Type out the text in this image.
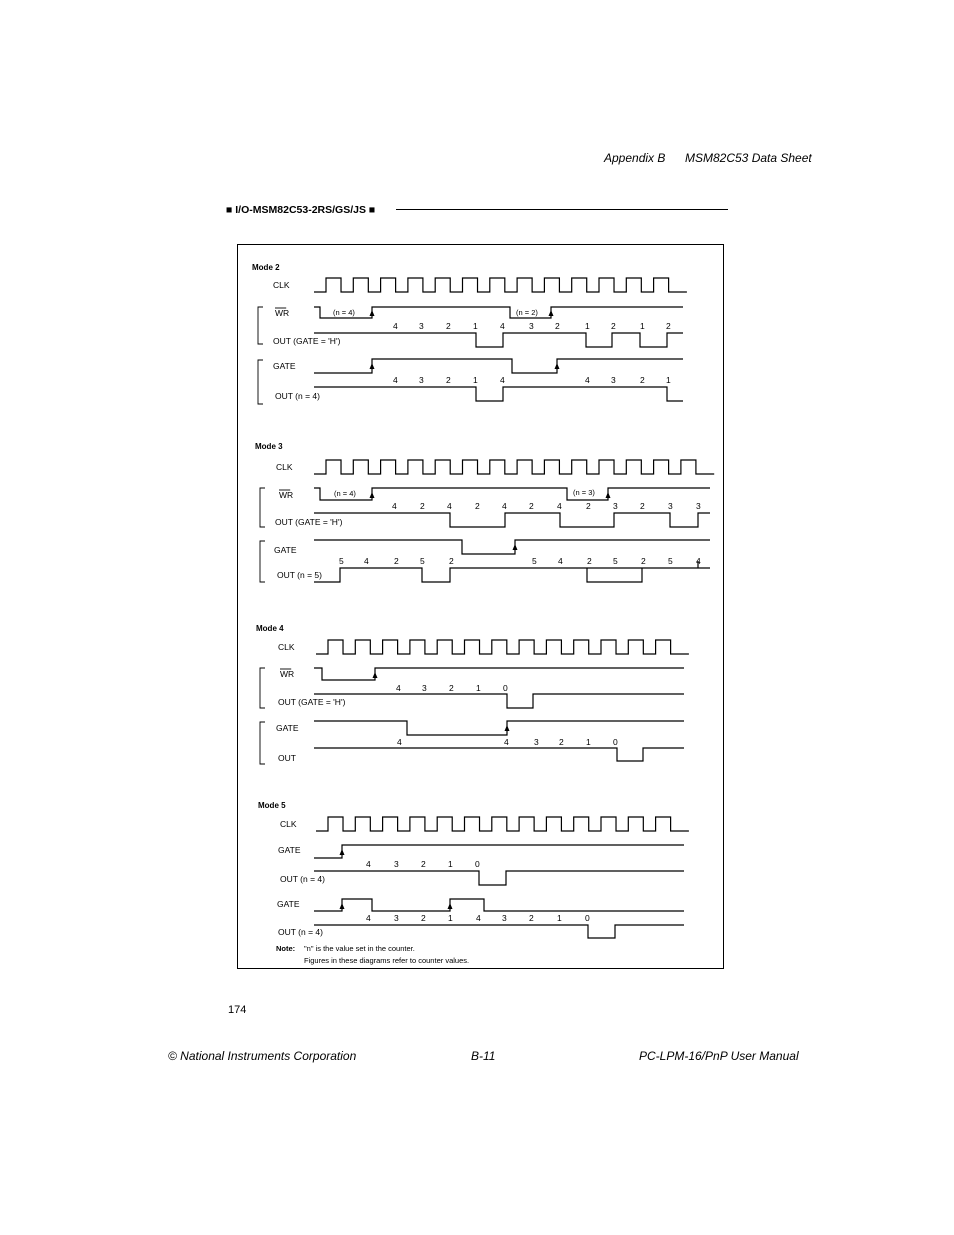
Appendix B MSM82C53 Data Sheet
■ I/O-MSM82C53-2RS/GS/JS ■
Mode 2
CLK
WR	(n = 4)	(n = 2)
4	3	2	1	4	3	2	1	2	1	2
OUT (GATE = 'H')
GATE
4	3	2	1	4	4	3	2	1
OUT (n = 4)
Mode 3
CLK
WR	(n = 4)	(n = 3)
4	2	4	2	4	2	4	2	3	2	3	3
OUT (GATE = 'H')
GATE
5 4	2	5	2	5	4	2	5	2	5	4
OUT (n = 5)
Mode 4
CLK
WR
4	3	2	1	0
OUT (GATE = 'H')
GATE
4	4	3 2	1	0
OUT
Mode 5
CLK
GATE
4	3	2	1	0
OUT (n = 4)
GATE
4	3	2	1	4	3	2	1	0
OUT (n = 4)
Note: "n" is the value set in the counter.
Figures in these diagrams refer to counter values.
174
© National Instruments Corporation	B-11	PC-LPM-16/PnP User Manual
